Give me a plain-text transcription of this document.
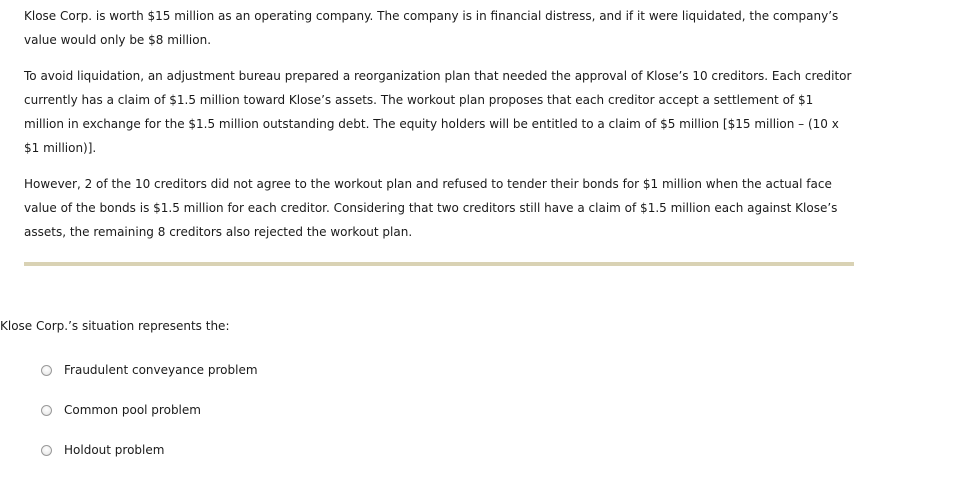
Klose Corp. is worth $15 million as an operating company. The company is in financial distress, and if it were liquidated, the company’s value would only be $8 million.

To avoid liquidation, an adjustment bureau prepared a reorganization plan that needed the approval of Klose’s 10 creditors. Each creditor currently has a claim of $1.5 million toward Klose’s assets. The workout plan proposes that each creditor accept a settlement of $1 million in exchange for the $1.5 million outstanding debt. The equity holders will be entitled to a claim of $5 million [$15 million – (10 x $1 million)].

However, 2 of the 10 creditors did not agree to the workout plan and refused to tender their bonds for $1 million when the actual face value of the bonds is $1.5 million for each creditor. Considering that two creditors still have a claim of $1.5 million each against Klose’s assets, the remaining 8 creditors also rejected the workout plan.

Klose Corp.’s situation represents the:
Fraudulent conveyance problem
Common pool problem
Holdout problem
